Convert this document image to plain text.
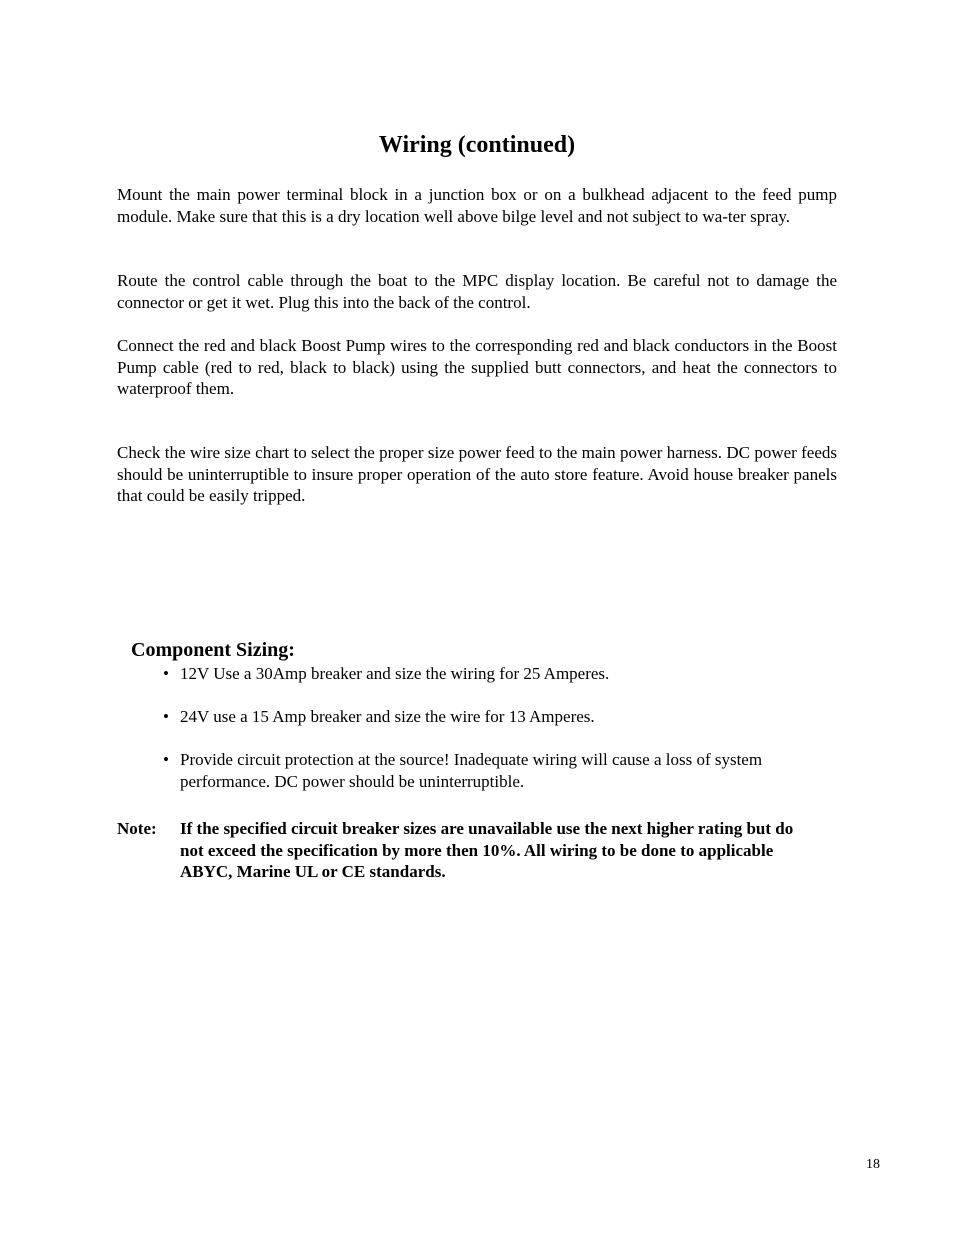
Wiring (continued)

Mount the main power terminal block in a junction box or on a bulkhead adjacent to the feed pump module. Make sure that this is a dry location well above bilge level and not subject to wa-ter spray.

Route the control cable through the boat to the MPC display location. Be careful not to damage the connector or get it wet. Plug this into the back of the control.

Connect the red and black Boost Pump wires to the corresponding red and black conductors in the Boost Pump cable (red to red, black to black) using the supplied butt connectors, and heat the connectors to waterproof them.

Check the wire size chart to select the proper size power feed to the main power harness. DC power feeds should be uninterruptible to insure proper operation of the auto store feature. Avoid house breaker panels that could be easily tripped.

Component Sizing:
• 12V Use a 30Amp breaker and size the wiring for 25 Amperes.
• 24V use a 15 Amp breaker and size the wire for 13 Amperes.
• Provide circuit protection at the source! Inadequate wiring will cause a loss of system performance. DC power should be uninterruptible.

Note: If the specified circuit breaker sizes are unavailable use the next higher rating but do not exceed the specification by more then 10%. All wiring to be done to applicable ABYC, Marine UL or CE standards.

18
